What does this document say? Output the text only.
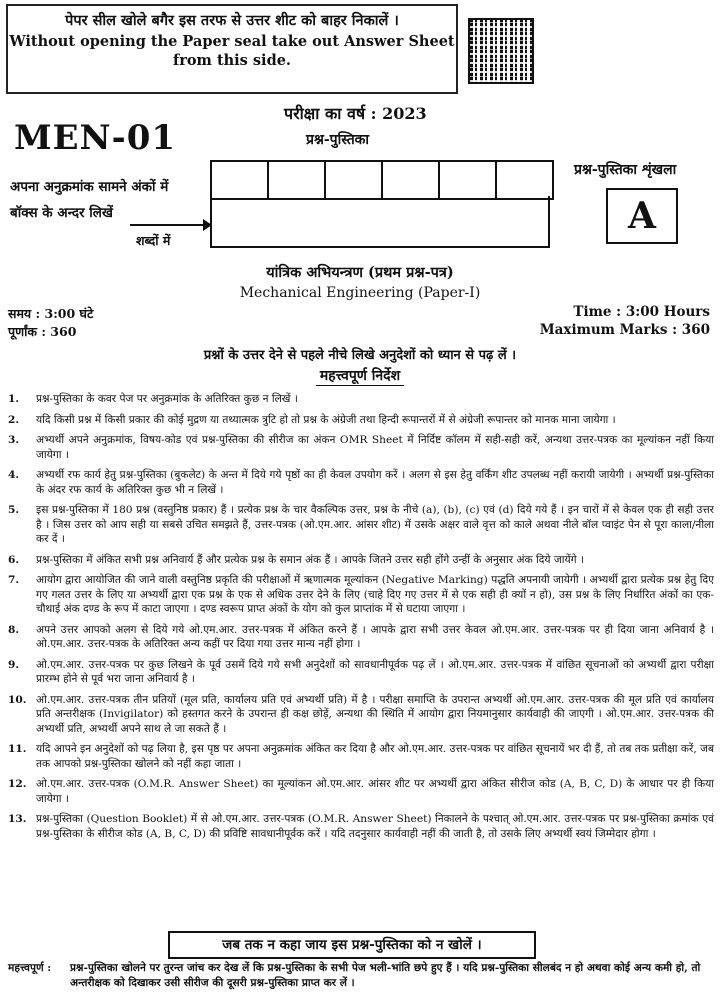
पेपर सील खोले बगैर इस तरफ से उत्तर शीट को बाहर निकालें ।
Without opening the Paper seal take out Answer Sheet
from this side.
परीक्षा का वर्ष : 2023
MEN-01	प्रश्न-पुस्तिका
अपना अनुक्रमांक सामने अंकों में
बॉक्स के अन्दर लिखें
शब्दों में
प्रश्न-पुस्तिका शृंखला
A
यांत्रिक अभियन्त्रण (प्रथम प्रश्न-पत्र)
Mechanical Engineering (Paper-I)
समय : 3:00 घंटे
पूर्णांक : 360
Time : 3:00 Hours
Maximum Marks : 360
प्रश्नों के उत्तर देने से पहले नीचे लिखे अनुदेशों को ध्यान से पढ़ लें ।
महत्त्वपूर्ण निर्देश
1.	प्रश्न-पुस्तिका के कवर पेज पर अनुक्रमांक के अतिरिक्त कुछ न लिखें ।
2.	यदि किसी प्रश्न में किसी प्रकार की कोई मुद्रण या तथ्यात्मक त्रुटि हो तो प्रश्न के अंग्रेजी तथा हिन्दी रूपान्तरों में से अंग्रेजी रूपान्तर को मानक माना जायेगा ।
3.	अभ्यर्थी अपने अनुक्रमांक, विषय-कोड एवं प्रश्न-पुस्तिका की सीरीज का अंकन OMR Sheet में निर्दिष्ट कॉलम में सही-सही करें, अन्यथा उत्तर-पत्रक का मूल्यांकन नहीं किया जायेगा ।
4.	अभ्यर्थी रफ कार्य हेतु प्रश्न-पुस्तिका (बुकलेट) के अन्त में दिये गये पृष्ठों का ही केवल उपयोग करें । अलग से इस हेतु वर्किंग शीट उपलब्ध नहीं करायी जायेगी । अभ्यर्थी प्रश्न-पुस्तिका के अंदर रफ कार्य के अतिरिक्त कुछ भी न लिखें ।
5.	इस प्रश्न-पुस्तिका में 180 प्रश्न (वस्तुनिष्ठ प्रकार) हैं । प्रत्येक प्रश्न के चार वैकल्पिक उत्तर, प्रश्न के नीचे (a), (b), (c) एवं (d) दिये गये हैं । इन चारों में से केवल एक ही सही उत्तर है । जिस उत्तर को आप सही या सबसे उचित समझते हैं, उत्तर-पत्रक (ओ.एम.आर. आंसर शीट) में उसके अक्षर वाले वृत्त को काले अथवा नीले बॉल प्वाइंट पेन से पूरा काला/नीला कर दें ।
6.	प्रश्न-पुस्तिका में अंकित सभी प्रश्न अनिवार्य हैं और प्रत्येक प्रश्न के समान अंक हैं । आपके जितने उत्तर सही होंगे उन्हीं के अनुसार अंक दिये जायेंगे ।
7.	आयोग द्वारा आयोजित की जाने वाली वस्तुनिष्ठ प्रकृति की परीक्षाओं में ऋणात्मक मूल्यांकन (Negative Marking) पद्धति अपनायी जायेगी । अभ्यर्थी द्वारा प्रत्येक प्रश्न हेतु दिए गए गलत उत्तर के लिए या अभ्यर्थी द्वारा एक प्रश्न के एक से अधिक उत्तर देने के लिए (चाहे दिए गए उत्तर में से एक सही ही क्यों न हो), उस प्रश्न के लिए निर्धारित अंकों का एक-चौथाई अंक दण्ड के रूप में काटा जाएगा । दण्ड स्वरूप प्राप्त अंकों के योग को कुल प्राप्तांक में से घटाया जाएगा ।
8.	अपने उत्तर आपको अलग से दिये गये ओ.एम.आर. उत्तर-पत्रक में अंकित करने हैं । आपके द्वारा सभी उत्तर केवल ओ.एम.आर. उत्तर-पत्रक पर ही दिया जाना अनिवार्य है । ओ.एम.आर. उत्तर-पत्रक के अतिरिक्त अन्य कहीं पर दिया गया उत्तर मान्य नहीं होगा ।
9.	ओ.एम.आर. उत्तर-पत्रक पर कुछ लिखने के पूर्व उसमें दिये गये सभी अनुदेशों को सावधानीपूर्वक पढ़ लें । ओ.एम.आर. उत्तर-पत्रक में वांछित सूचनाओं को अभ्यर्थी द्वारा परीक्षा प्रारम्भ होने से पूर्व भरा जाना अनिवार्य है ।
10. ओ.एम.आर. उत्तर-पत्रक तीन प्रतियों (मूल प्रति, कार्यालय प्रति एवं अभ्यर्थी प्रति) में है । परीक्षा समाप्ति के उपरान्त अभ्यर्थी ओ.एम.आर. उत्तर-पत्रक की मूल प्रति एवं कार्यालय प्रति अन्तरीक्षक (Invigilator) को हस्तगत करने के उपरान्त ही कक्ष छोड़ें, अन्यथा की स्थिति में आयोग द्वारा नियमानुसार कार्यवाही की जाएगी । ओ.एम.आर. उत्तर-पत्रक की अभ्यर्थी प्रति, अभ्यर्थी अपने साथ ले जा सकते हैं ।
11. यदि आपने इन अनुदेशों को पढ़ लिया है, इस पृष्ठ पर अपना अनुक्रमांक अंकित कर दिया है और ओ.एम.आर. उत्तर-पत्रक पर वांछित सूचनायें भर दी हैं, तो तब तक प्रतीक्षा करें, जब तक आपको प्रश्न-पुस्तिका खोलने को नहीं कहा जाता ।
12. ओ.एम.आर. उत्तर-पत्रक (O.M.R. Answer Sheet) का मूल्यांकन ओ.एम.आर. आंसर शीट पर अभ्यर्थी द्वारा अंकित सीरीज कोड (A, B, C, D) के आधार पर ही किया जायेगा ।
13. प्रश्न-पुस्तिका (Question Booklet) में से ओ.एम.आर. उत्तर-पत्रक (O.M.R. Answer Sheet) निकालने के पश्चात् ओ.एम.आर. उत्तर-पत्रक पर प्रश्न-पुस्तिका क्रमांक एवं प्रश्न-पुस्तिका के सीरीज कोड (A, B, C, D) की प्रविष्टि सावधानीपूर्वक करें । यदि तदनुसार कार्यवाही नहीं की जाती है, तो उसके लिए अभ्यर्थी स्वयं जिम्मेदार होगा ।
जब तक न कहा जाय इस प्रश्न-पुस्तिका को न खोलें ।
महत्त्वपूर्ण :	प्रश्न-पुस्तिका खोलने पर तुरन्त जांच कर देख लें कि प्रश्न-पुस्तिका के सभी पेज भली-भांति छपे हुए हैं । यदि प्रश्न-पुस्तिका सीलबंद न हो अथवा कोई अन्य कमी हो, तो अन्तरीक्षक को दिखाकर उसी सीरीज की दूसरी प्रश्न-पुस्तिका प्राप्त कर लें ।
